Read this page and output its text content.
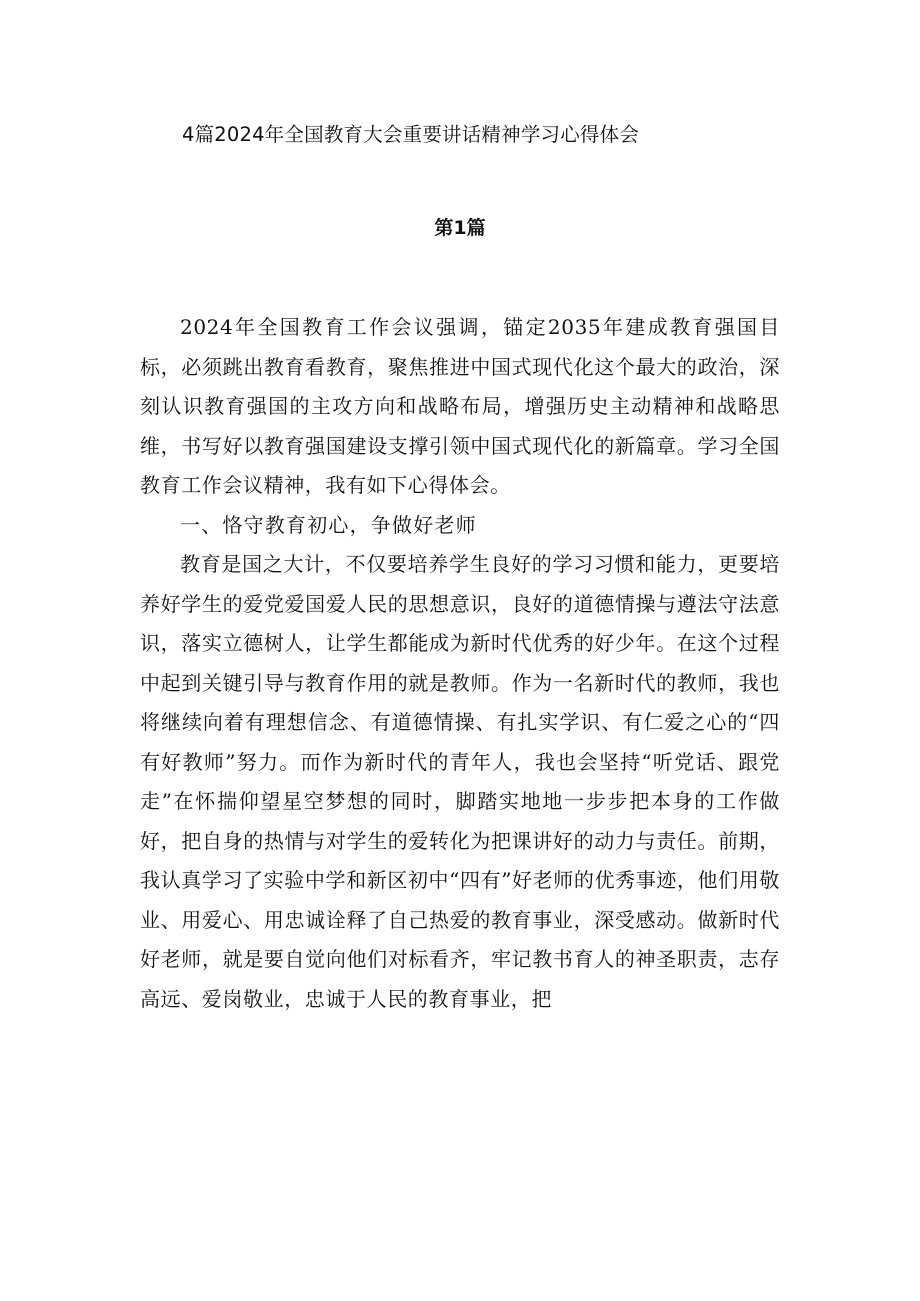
4篇2024年全国教育大会重要讲话精神学习心得体会
第1篇

2024年全国教育工作会议强调，锚定2035年建成教育强国目标，必须跳出教育看教育，聚焦推进中国式现代化这个最大的政治，深刻认识教育强国的主攻方向和战略布局，增强历史主动精神和战略思维，书写好以教育强国建设支撑引领中国式现代化的新篇章。学习全国教育工作会议精神，我有如下心得体会。

一、恪守教育初心，争做好老师

教育是国之大计，不仅要培养学生良好的学习习惯和能力，更要培养好学生的爱党爱国爱人民的思想意识，良好的道德情操与遵法守法意识，落实立德树人，让学生都能成为新时代优秀的好少年。在这个过程中起到关键引导与教育作用的就是教师。作为一名新时代的教师，我也将继续向着有理想信念、有道德情操、有扎实学识、有仁爱之心的“四有好教师”努力。而作为新时代的青年人，我也会坚持“听党话、跟党走”在怀揣仰望星空梦想的同时，脚踏实地地一步步把本身的工作做好，把自身的热情与对学生的爱转化为把课讲好的动力与责任。前期，我认真学习了实验中学和新区初中“四有”好老师的优秀事迹，他们用敬业、用爱心、用忠诚诠释了自己热爱的教育事业，深受感动。做新时代好老师，就是要自觉向他们对标看齐，牢记教书育人的神圣职责，志存高远、爱岗敬业，忠诚于人民的教育事业，把
